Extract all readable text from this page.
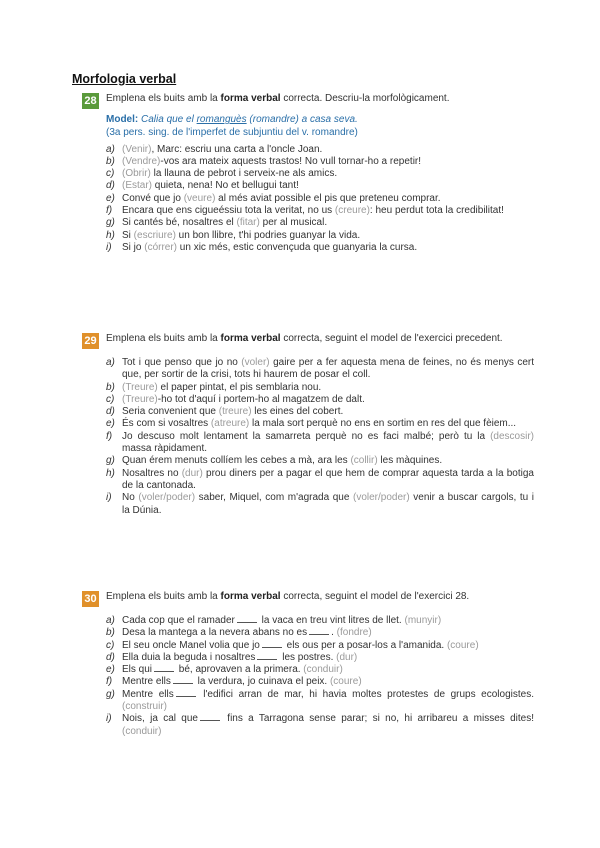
Morfologia verbal
28 Emplena els buits amb la forma verbal correcta. Descriu-la morfològicament.
Model: Calia que el romanguès (romandre) a casa seva.
(3a pers. sing. de l'imperfet de subjuntiu del v. romandre)
a) (Venir), Marc: escriu una carta a l'oncle Joan.
b) (Vendre)-vos ara mateix aquests trastos! No vull tornar-ho a repetir!
c) (Obrir) la llauna de pebrot i serveix-ne als amics.
d) (Estar) quieta, nena! No et bellugui tant!
e) Convé que jo (veure) al més aviat possible el pis que preteneu comprar.
f) Encara que ens cigueéssiu tota la veritat, no us (creure): heu perdut tota la credibilitat!
g) Si cantés bé, nosaltres el (fitar) per al musical.
h) Si (escriure) un bon llibre, t'hi podries guanyar la vida.
i) Si jo (córrer) un xic més, estic convençuda que guanyaria la cursa.
29 Emplena els buits amb la forma verbal correcta, seguint el model de l'exercici precedent.
a) Tot i que penso que jo no (voler) gaire per a fer aquesta mena de feines, no és menys cert que, per sortir de la crisi, tots hi haurem de posar el coll.
b) (Treure) el paper pintat, el pis semblaria nou.
c) (Treure)-ho tot d'aquí i portem-ho al magatzem de dalt.
d) Seria convenient que (treure) les eines del cobert.
e) És com si vosaltres (atreure) la mala sort perquè no ens en sortim en res del que fèiem...
f) Jo descuso molt lentament la samarreta perquè no es faci malbé; però tu la (descosir) massa ràpidament.
g) Quan érem menuts collíem les cebes a mà, ara les (collir) les màquines.
h) Nosaltres no (dur) prou diners per a pagar el que hem de comprar aquesta tarda a la botiga de la cantonada.
i) No (voler/poder) saber, Miquel, com m'agrada que (voler/poder) venir a buscar cargols, tu i la Dúnia.
30 Emplena els buits amb la forma verbal correcta, seguint el model de l'exercici 28.
a) Cada cop que el ramader la vaca en treu vint litres de llet. (munyir)
b) Desa la mantega a la nevera abans no es . (fondre)
c) El seu oncle Manel volia que jo els ous per a posar-los a l'amanida. (coure)
d) Ella duia la beguda i nosaltres les postres. (dur)
e) Els qui bé, aprovaven a la primera. (conduir)
f) Mentre ells la verdura, jo cuinava el peix. (coure)
g) Mentre ells l'edifici arran de mar, hi havia moltes protestes de grups ecologistes. (construir)
i) Nois, ja cal que fins a Tarragona sense parar; si no, hi arribareu a misses dites! (conduir)
